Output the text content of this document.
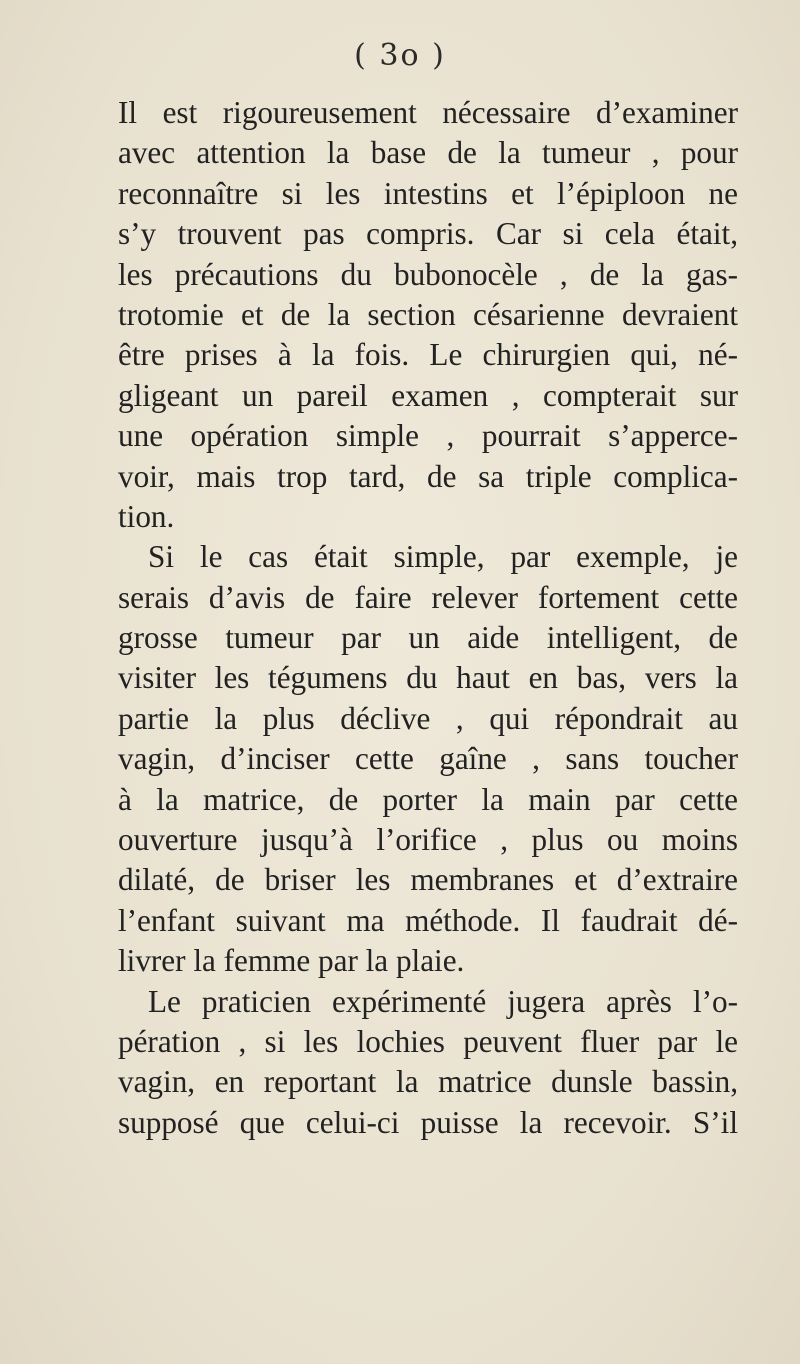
( 3o )
Il est rigoureusement nécessaire d’examiner
avec attention la base de la tumeur , pour
reconnaître si les intestins et l’épiploon ne
s’y trouvent pas compris. Car si cela était,
les précautions du bubonocèle , de la gas-
trotomie et de la section césarienne devraient
être prises à la fois. Le chirurgien qui, né-
gligeant un pareil examen , compterait sur
une opération simple , pourrait s’apperce-
voir, mais trop tard, de sa triple complica-
tion.
Si le cas était simple, par exemple, je
serais d’avis de faire relever fortement cette
grosse tumeur par un aide intelligent, de
visiter les tégumens du haut en bas, vers la
partie la plus déclive , qui répondrait au
vagin, d’inciser cette gaîne , sans toucher
à la matrice, de porter la main par cette
ouverture jusqu’à l’orifice , plus ou moins
dilaté, de briser les membranes et d’extraire
l’enfant suivant ma méthode. Il faudrait dé-
livrer la femme par la plaie.
Le praticien expérimenté jugera après l’o-
pération , si les lochies peuvent fluer par le
vagin, en reportant la matrice dunsle bassin,
supposé que celui-ci puisse la recevoir. S’il
